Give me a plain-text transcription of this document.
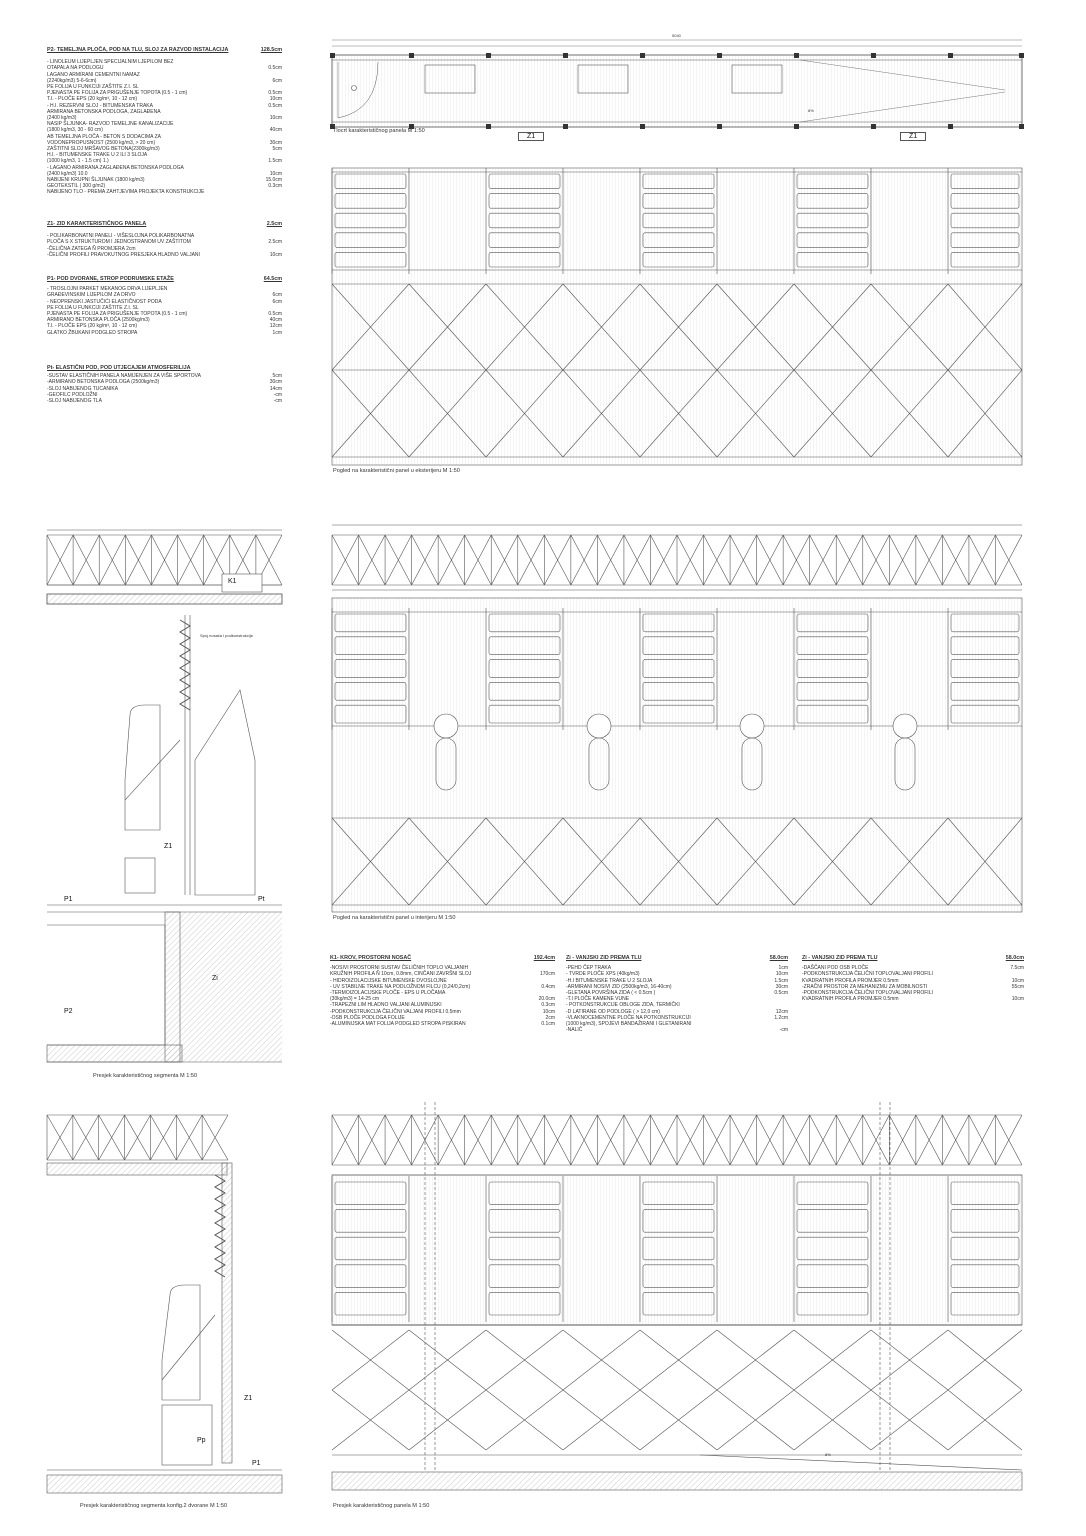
P2- TEMELJNA PLOČA, POD NA TLU, SLOJ ZA RAZVOD INSTALACIJA	128.5cm
- LINOLEUM LIJEPLJEN SPECIJALNIM LJEPILOM BEZ
OTAPALA NA PODLOGU	0.5cm
LAGANO ARMIRANI CEMENTNI NAMAZ
(2240kg/m3) 5-6-6cm)	6cm
PE FOLIJA U FUNKCIJI ZAŠTITE Z.I. SL
PJENASTA PE FOLIJA ZA PRIGUŠENJE TOPOTA (0.5 - 1 cm)	0.5cm
T.I. - PLOČE EPS (20 kg/m³, 10 - 12 cm)	10cm
- H.I. REZERVNI SLOJ - BITUMENSKA TRAKA	0.5cm
ARMIRANA BETONSKA PODLOGA, ZAGLAĐENA
(2400 kg/m3)	10cm
NASIP ŠLJUNKA- RAZVOD TEMELJNE KANALIZACIJE
(1800 kg/m3, 30 - 60 cm)	40cm
AB TEMELJNA PLOČA - BETON S DODACIMA ZA
VODONEPROPUSNOST (2500 kg/m3, > 20 cm)	30cm
ZAŠTITNI SLOJ MRŠAVOG BETONA(2300kg/m3)	5cm
H.I. - BITUMENSKE TRAKE U 2 ILI 3 SLOJA
(1000 kg/m3, 1 - 1.5 cm) 1.)	1.5cm
- LAGANO ARMIRANA ZAGLAĐENA BETONSKA PODLOGA
(2400 kg/m3) 10.0	10cm
NABIJENI KRUPNI ŠLJUNAK (1800 kg/m3)	15.0cm
GEOTEKSTIL ( 300 g/m2)	0.3cm
NABIJENO TLO - PREMA ZAHTJEVIMA PROJEKTA KONSTRUKCIJE
Z1- ZID KARAKTERISTIČNOG PANELA	2.5cm
- POLIKARBONATNI PANELI - VIŠESLOJNA POLIKARBONATNA
PLOČA S X STRUKTUROM I JEDNOSTRANOM UV ZAŠTITOM	2.5cm
-ČELIČNA ZATEGA Ñ PROMJERA 2cm
-ČELIČNI PROFILI PRAVOKUTNOG PRESJEKA HLADNO VALJANI	10cm
P1- POD DVORANE, STROP PODRUMSKE ETAŽE	64.5cm
- TROSLOJNI PARKET MEKANOG DRVA LIJEPLJEN
GRAĐEVINSKIM LIJEPILOM ZA DRVO	6cm
- NEOPRENSKI JASTUČIĆI ELASTIČNOST PODA	6cm
PE FOLIJA U FUNKCIJI ZAŠTITE Z.I. SL
PJENASTA PE FOLIJA ZA PRIGUŠENJE TOPOTA (0.5 - 1 cm)	0.5cm
ARMIRANO BETONSKA PLOČA (2500kg/m3)	40cm
T.I. - PLOČE EPS (20 kg/m³, 10 - 12 cm)	12cm
GLATKO ŽBUKANI PODGLED STROPA	1cm
Pt- ELASTIČNI POD, POD UTJECAJEM ATMOSFERILIJA
-SUSTAV ELASTIČNIH PANELA NAMIJENJEN ZA VIŠE SPORTOVA	5cm
-ARMIRANO BETONSKA PODLOGA (2500kg/m3)	30cm
-SLOJ NABIJENOG TUCANIKA	14cm
-GEOFILC PODLOŽNI	-cm
-SLOJ NABIJENOG TLA	-cm
K1- KROV, PROSTORNI NOSAČ	192.4cm
-NOSIVI PROSTORNI SUSTAV ČELIČNIH TOPLO VALJANIH
KRUŽNIH PROFILA Ñ 10cm, 0.8mm, CINČANI ZAVRŠNI SLOJ	170cm
- HIDROIZOLACIJSKE BITUMENSKE DVOSLOJNE
- UV STABILNE TRAKE NA PODLOŽNOM FILCU (0,24/0,2cm)	0.4cm
-TERMOIZOLACIJSKE PLOČE - EPS U PLOČAMA
(30kg/m3) = 14-25 cm	20.0cm
-TRAPEZNI LIM HLADNO VALJANI ALUMINIJSKI	0.3cm
-PODKONSTRUKCIJA ČELIČNI VALJANI PROFILI 0.5mm	10cm
-OSB PLOČE PODLOGA FOLIJE	2cm
-ALUMINIJSKA MAT FOLIJA PODGLED STROPA PISKIRAN	0.1cm
Zi - VANJSKI ZID PREMA TLU	58.0cm
-PEHD ČEP TRAKA	1cm
- TVRDE PLOČE XPS (40kg/m3)	10cm
-H.I BITUMENSKE TRAKE U 2 SLOJA	1.5cm
-ARMIRANI NOSIVI ZID (2500kg/m3, 16-40cm)	30cm
-GLETANA POVRŠINA ZIDA ( < 0.5cm )	0.5cm
-T.I PLOČE KAMENE VUNE
- POTKONSTRUKCIJE OBLOGE ZIDA, TERMIČKI
-D LATIRANE OD PODLOGE ( > 12,0 cm)	12cm
-VLAKNOCEMENTNE PLOČE NA POTKONSTRUKCIJI	1.2cm
(1000 kg/m3), SPOJEVI BANDAŽIRANI I GLETANIRANI
-NALIČ	-cm
Zi - VANJSKI ZID PREMA TLU	58.0cm
-DAŠČANI POD OSB PLOČE	7.5cm
-PODKONSTRUKCIJA ČELIČNI TOPLOVALJANI PROFILI
KVADRATNIH PROFILA PROMJER 0.5mm	10cm
-ZRAČNI PROSTOR ZA MEHANIZMU ZA MOBILNOSTI	55cm
-PODKONSTRUKCIJA ČELIČNI TOPLOVALJANI PROFILI
KVADRATNIH PROFILA PROMJER 0.5mm	10cm
Tlocrt karakterističnog panela M 1:50
Pogled na karakteristični panel u eksterijeru M 1:50
Pogled na karakteristični panel u interijeru M 1:50
Presjek karakterističnog segmenta M 1:50
Presjek karakterističnog segmenta konfig.2 dvorane M 1:50	Presjek karakterističnog panela M 1:50
5040
Z1	Z1
K1
Z1
P1	Pt
Zi
P2
Z1
Pp
P1
Spoj nosača i podkonstrukcije
8%
8%
